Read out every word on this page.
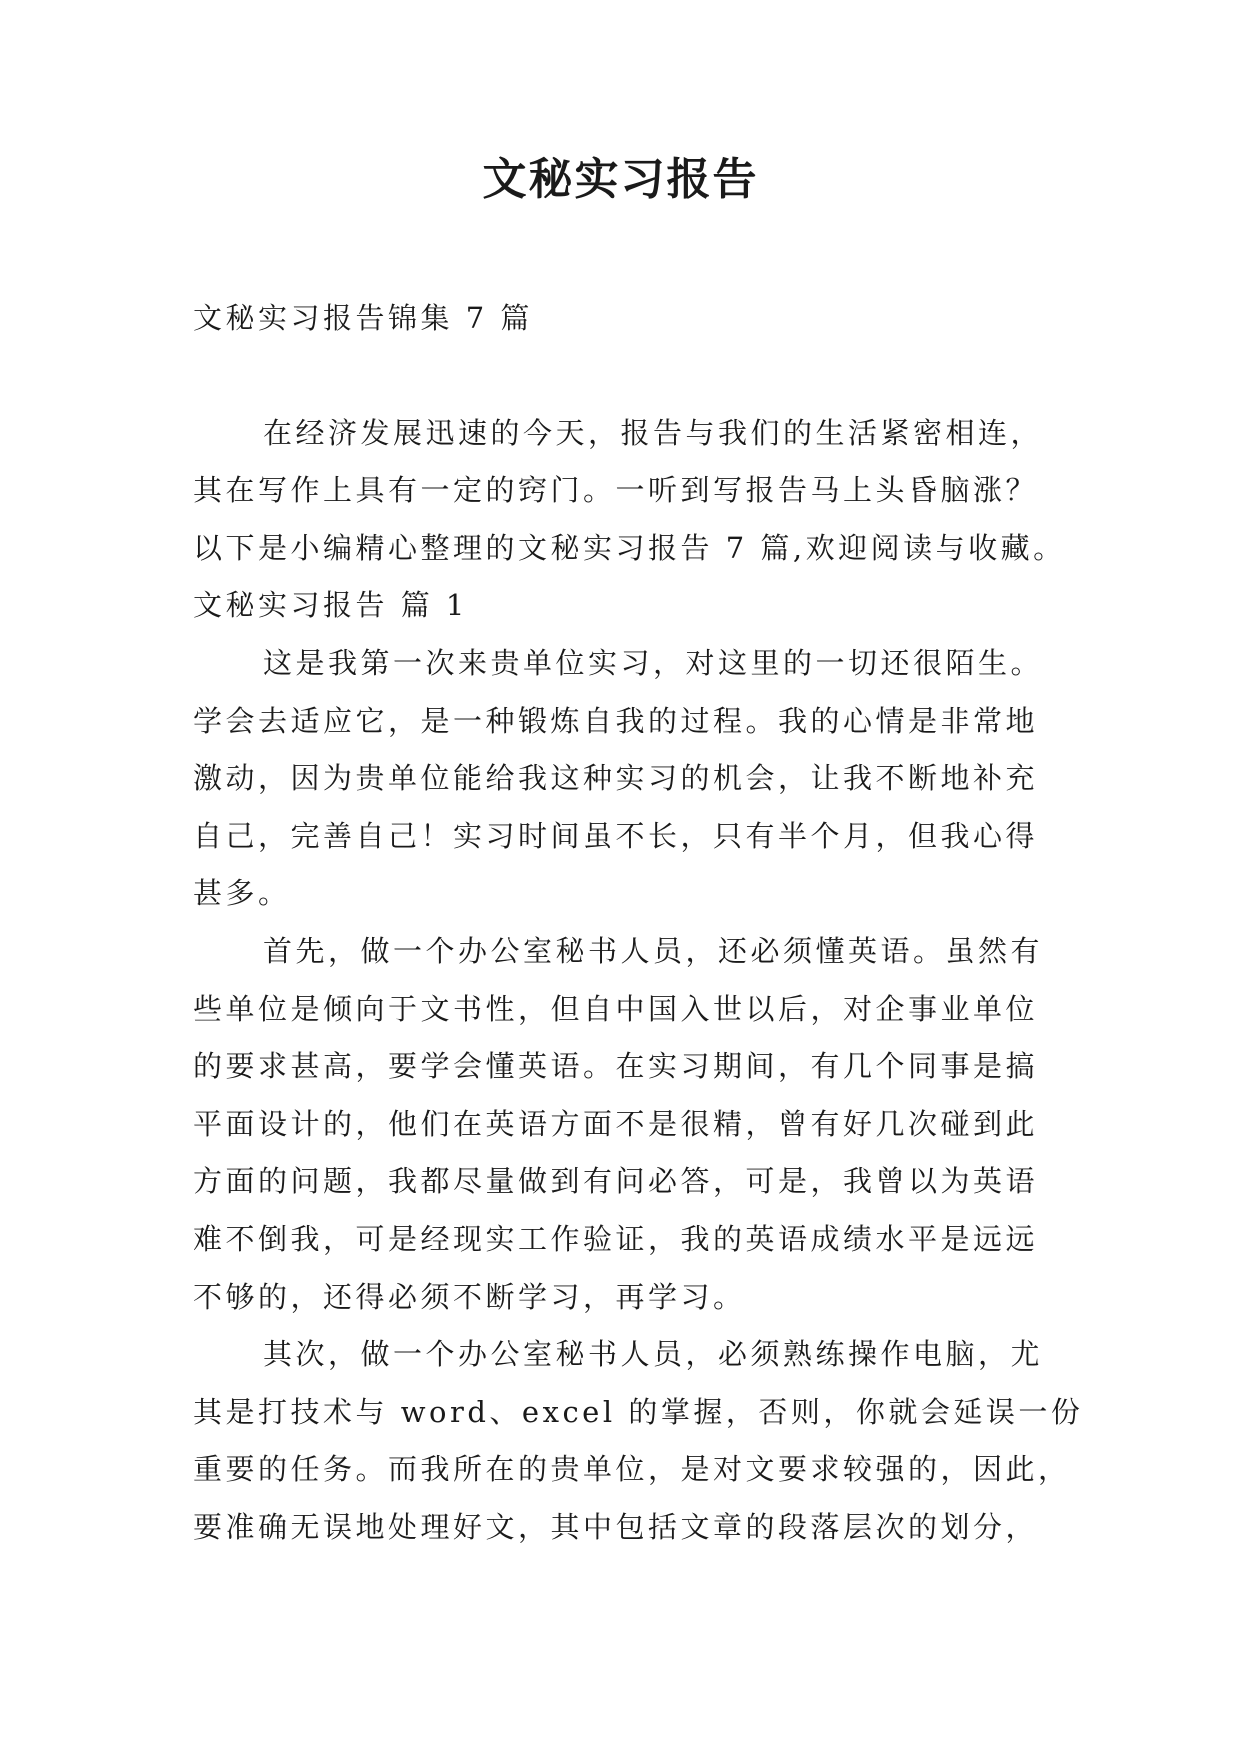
文秘实习报告

文秘实习报告锦集 7 篇

在经济发展迅速的今天，报告与我们的生活紧密相连，

其在写作上具有一定的窍门。一听到写报告马上头昏脑涨？

以下是小编精心整理的文秘实习报告 7 篇,欢迎阅读与收藏。

文秘实习报告 篇 1

这是我第一次来贵单位实习，对这里的一切还很陌生。

学会去适应它，是一种锻炼自我的过程。我的心情是非常地

激动，因为贵单位能给我这种实习的机会，让我不断地补充

自己，完善自己！实习时间虽不长，只有半个月，但我心得

甚多。

首先，做一个办公室秘书人员，还必须懂英语。虽然有

些单位是倾向于文书性，但自中国入世以后，对企事业单位

的要求甚高，要学会懂英语。在实习期间，有几个同事是搞

平面设计的，他们在英语方面不是很精，曾有好几次碰到此

方面的问题，我都尽量做到有问必答，可是，我曾以为英语

难不倒我，可是经现实工作验证，我的英语成绩水平是远远

不够的，还得必须不断学习，再学习。

其次，做一个办公室秘书人员，必须熟练操作电脑，尤

其是打技术与 word、excel 的掌握，否则，你就会延误一份

重要的任务。而我所在的贵单位，是对文要求较强的，因此，

要准确无误地处理好文，其中包括文章的段落层次的划分，
